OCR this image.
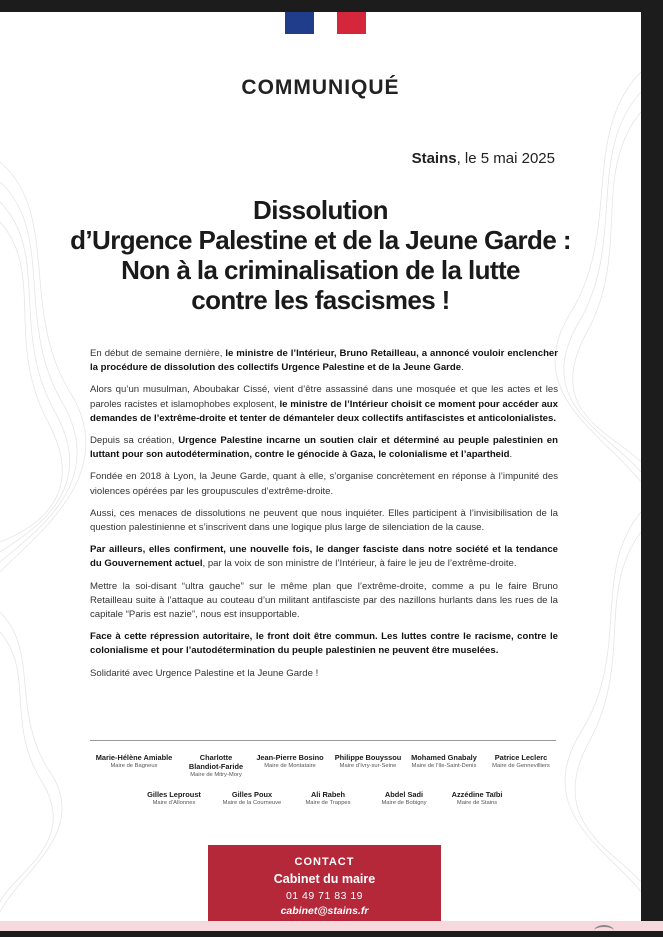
COMMUNIQUÉ
Stains, le 5 mai 2025
Dissolution
d’Urgence Palestine et de la Jeune Garde :
Non à la criminalisation de la lutte
contre les fascismes !

En début de semaine dernière, le ministre de l’Intérieur, Bruno Retailleau, a annoncé vouloir enclencher la procédure de dissolution des collectifs Urgence Palestine et de la Jeune Garde.

Alors qu’un musulman, Aboubakar Cissé, vient d’être assassiné dans une mosquée et que les actes et les paroles racistes et islamophobes explosent, le ministre de l’Intérieur choisit ce moment pour accéder aux demandes de l’extrême-droite et tenter de démanteler deux collectifs antifascistes et anticolonialistes.

Depuis sa création, Urgence Palestine incarne un soutien clair et déterminé au peuple palestinien en luttant pour son autodétermination, contre le génocide à Gaza, le colonialisme et l’apartheid.

Fondée en 2018 à Lyon, la Jeune Garde, quant à elle, s’organise concrètement en réponse à l’impunité des violences opérées par les groupuscules d’extrême-droite.

Aussi, ces menaces de dissolutions ne peuvent que nous inquiéter. Elles participent à l’invisibilisation de la question palestinienne et s’inscrivent dans une logique plus large de silenciation de la cause.

Par ailleurs, elles confirment, une nouvelle fois, le danger fasciste dans notre société et la tendance du Gouvernement actuel, par la voix de son ministre de l’Intérieur, à faire le jeu de l’extrême-droite.

Mettre la soi-disant “ultra gauche” sur le même plan que l’extrême-droite, comme a pu le faire Bruno Retailleau suite à l’attaque au couteau d’un militant antifasciste par des nazillons hurlants dans les rues de la capitale “Paris est nazie”, nous est insupportable.

Face à cette répression autoritaire, le front doit être commun. Les luttes contre le racisme, contre le colonialisme et pour l’autodétermination du peuple palestinien ne peuvent être muselées.

Solidarité avec Urgence Palestine et la Jeune Garde !

Marie-Hélène Amiable
Maire de Bagneux
Charlotte
Blandiot-Faride
Maire de Mitry-Mory
Jean-Pierre Bosino
Maire de Montataire
Philippe Bouyssou
Maire d’Ivry-sur-Seine
Mohamed Gnabaly
Maire de l’Ile-Saint-Denis
Patrice Leclerc
Maire de Gennevilliers
Gilles Leproust
Maire d’Allonnes
Gilles Poux
Maire de la Courneuve
Ali Rabeh
Maire de Trappes
Abdel Sadi
Maire de Bobigny
Azzédine Taïbi
Maire de Stains
CONTACT
Cabinet du maire
01 49 71 83 19
cabinet@stains.fr
